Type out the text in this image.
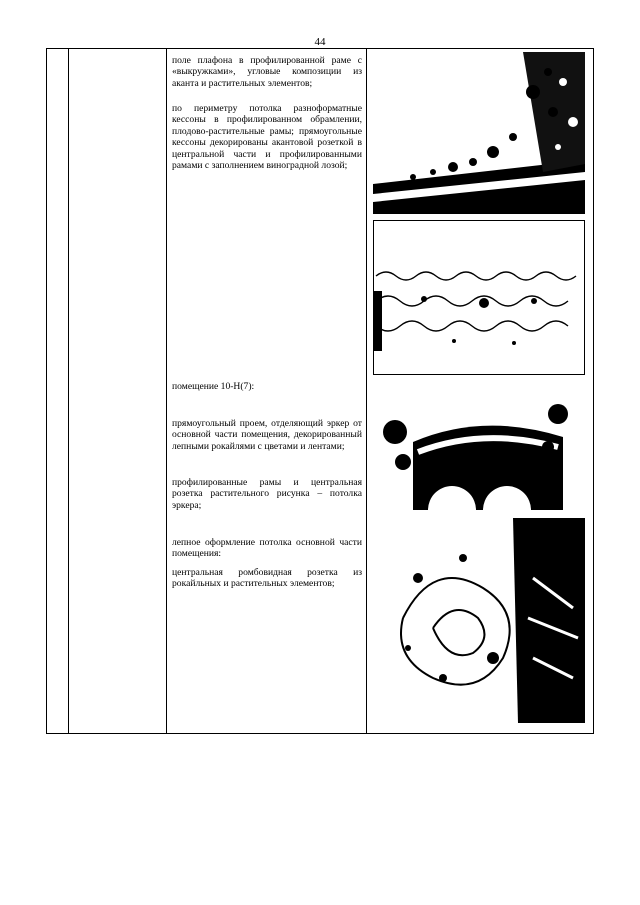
44

поле плафона в профилированной раме с «выкружками», угловые композиции из аканта и растительных элементов;

по периметру потолка разноформатные кессоны в профилированном обрамлении, плодово-растительные рамы; прямоугольные кессоны декорированы акантовой розеткой в центральной части и профилированными рамами с заполнением виноградной лозой;

помещение 10-Н(7):

прямоугольный проем, отделяющий эркер от основной части помещения, декорированный лепными рокайлями с цветами и лентами;

профилированные рамы и центральная розетка растительного рисунка – потолка эркера;

лепное оформление потолка основной части помещения:

центральная ромбовидная розетка из рокайльных и растительных элементов;
